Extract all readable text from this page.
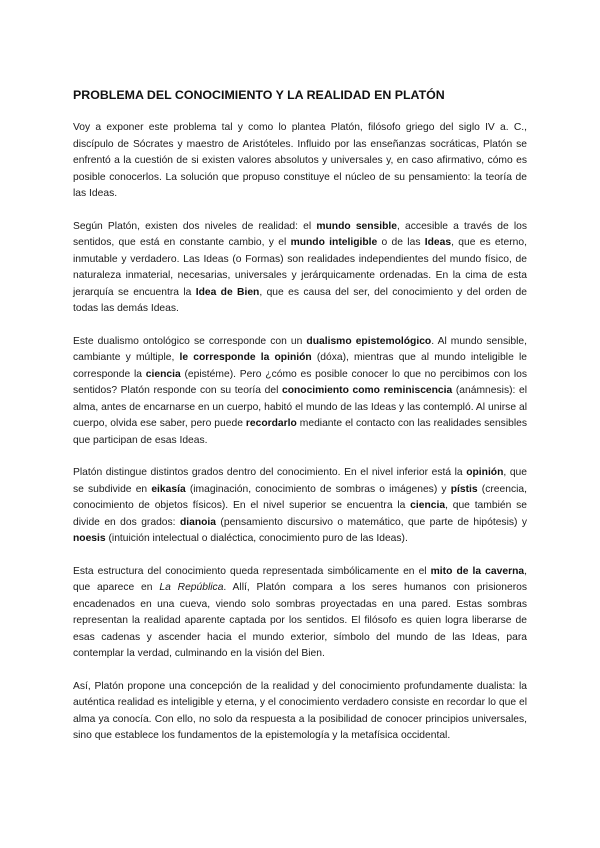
PROBLEMA DEL CONOCIMIENTO Y LA REALIDAD EN PLATÓN

Voy a exponer este problema tal y como lo plantea Platón, filósofo griego del siglo IV a. C., discípulo de Sócrates y maestro de Aristóteles. Influido por las enseñanzas socráticas, Platón se enfrentó a la cuestión de si existen valores absolutos y universales y, en caso afirmativo, cómo es posible conocerlos. La solución que propuso constituye el núcleo de su pensamiento: la teoría de las Ideas.

Según Platón, existen dos niveles de realidad: el mundo sensible, accesible a través de los sentidos, que está en constante cambio, y el mundo inteligible o de las Ideas, que es eterno, inmutable y verdadero. Las Ideas (o Formas) son realidades independientes del mundo físico, de naturaleza inmaterial, necesarias, universales y jerárquicamente ordenadas. En la cima de esta jerarquía se encuentra la Idea de Bien, que es causa del ser, del conocimiento y del orden de todas las demás Ideas.

Este dualismo ontológico se corresponde con un dualismo epistemológico. Al mundo sensible, cambiante y múltiple, le corresponde la opinión (dóxa), mientras que al mundo inteligible le corresponde la ciencia (epistéme). Pero ¿cómo es posible conocer lo que no percibimos con los sentidos? Platón responde con su teoría del conocimiento como reminiscencia (anámnesis): el alma, antes de encarnarse en un cuerpo, habitó el mundo de las Ideas y las contempló. Al unirse al cuerpo, olvida ese saber, pero puede recordarlo mediante el contacto con las realidades sensibles que participan de esas Ideas.

Platón distingue distintos grados dentro del conocimiento. En el nivel inferior está la opinión, que se subdivide en eikasía (imaginación, conocimiento de sombras o imágenes) y pístis (creencia, conocimiento de objetos físicos). En el nivel superior se encuentra la ciencia, que también se divide en dos grados: dianoia (pensamiento discursivo o matemático, que parte de hipótesis) y noesis (intuición intelectual o dialéctica, conocimiento puro de las Ideas).

Esta estructura del conocimiento queda representada simbólicamente en el mito de la caverna, que aparece en La República. Allí, Platón compara a los seres humanos con prisioneros encadenados en una cueva, viendo solo sombras proyectadas en una pared. Estas sombras representan la realidad aparente captada por los sentidos. El filósofo es quien logra liberarse de esas cadenas y ascender hacia el mundo exterior, símbolo del mundo de las Ideas, para contemplar la verdad, culminando en la visión del Bien.

Así, Platón propone una concepción de la realidad y del conocimiento profundamente dualista: la auténtica realidad es inteligible y eterna, y el conocimiento verdadero consiste en recordar lo que el alma ya conocía. Con ello, no solo da respuesta a la posibilidad de conocer principios universales, sino que establece los fundamentos de la epistemología y la metafísica occidental.
